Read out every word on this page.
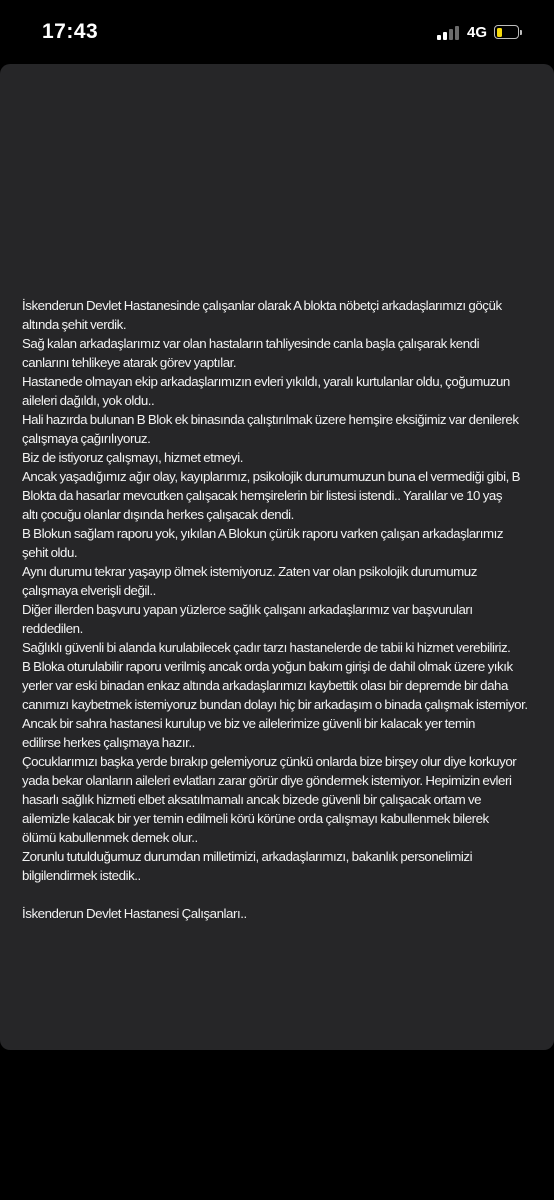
17:43	4G

İskenderun Devlet Hastanesinde çalışanlar olarak A blokta nöbetçi arkadaşlarımızı göçük
altında şehit verdik.

Sağ kalan arkadaşlarımız var olan hastaların tahliyesinde canla başla çalışarak kendi
canlarını tehlikeye atarak görev yaptılar.

Hastanede olmayan ekip arkadaşlarımızın evleri yıkıldı, yaralı kurtulanlar oldu, çoğumuzun
aileleri dağıldı, yok oldu..

Hali hazırda bulunan B Blok ek binasında çalıştırılmak üzere hemşire eksiğimiz var denilerek
çalışmaya çağırılıyoruz.

Biz de istiyoruz çalışmayı, hizmet etmeyi.

Ancak yaşadığımız ağır olay, kayıplarımız, psikolojik durumumuzun buna el vermediği gibi, B
Blokta da hasarlar mevcutken çalışacak hemşirelerin bir listesi istendi.. Yaralılar ve 10 yaş
altı çocuğu olanlar dışında herkes çalışacak dendi.

B Blokun sağlam raporu yok, yıkılan A Blokun çürük raporu varken çalışan arkadaşlarımız
şehit oldu.

Aynı durumu tekrar yaşayıp ölmek istemiyoruz. Zaten var olan psikolojik durumumuz
çalışmaya elverişli değil..

Diğer illerden başvuru yapan yüzlerce sağlık çalışanı arkadaşlarımız var başvuruları
reddedilen.

Sağlıklı güvenli bi alanda kurulabilecek çadır tarzı hastanelerde de tabii ki hizmet verebiliriz.

B Bloka oturulabilir raporu verilmiş ancak orda yoğun bakım girişi de dahil olmak üzere yıkık
yerler var eski binadan enkaz altında arkadaşlarımızı kaybettik olası bir depremde bir daha
canımızı kaybetmek istemiyoruz bundan dolayı hiç bir arkadaşım o binada çalışmak istemiyor.

Ancak bir sahra hastanesi kurulup ve biz ve ailelerimize güvenli bir kalacak yer temin
edilirse herkes çalışmaya hazır..

Çocuklarımızı başka yerde bırakıp gelemiyoruz çünkü onlarda bize birşey olur diye korkuyor
yada bekar olanların aileleri evlatları zarar görür diye göndermek istemiyor. Hepimizin evleri
hasarlı sağlık hizmeti elbet aksatılmamalı ancak bizede güvenli bir çalışacak ortam ve
ailemizle kalacak bir yer temin edilmeli körü körüne orda çalışmayı kabullenmek bilerek
ölümü kabullenmek demek olur..

Zorunlu tutulduğumuz durumdan milletimizi, arkadaşlarımızı, bakanlık personelimizi
bilgilendirmek istedik..

İskenderun Devlet Hastanesi Çalışanları..
